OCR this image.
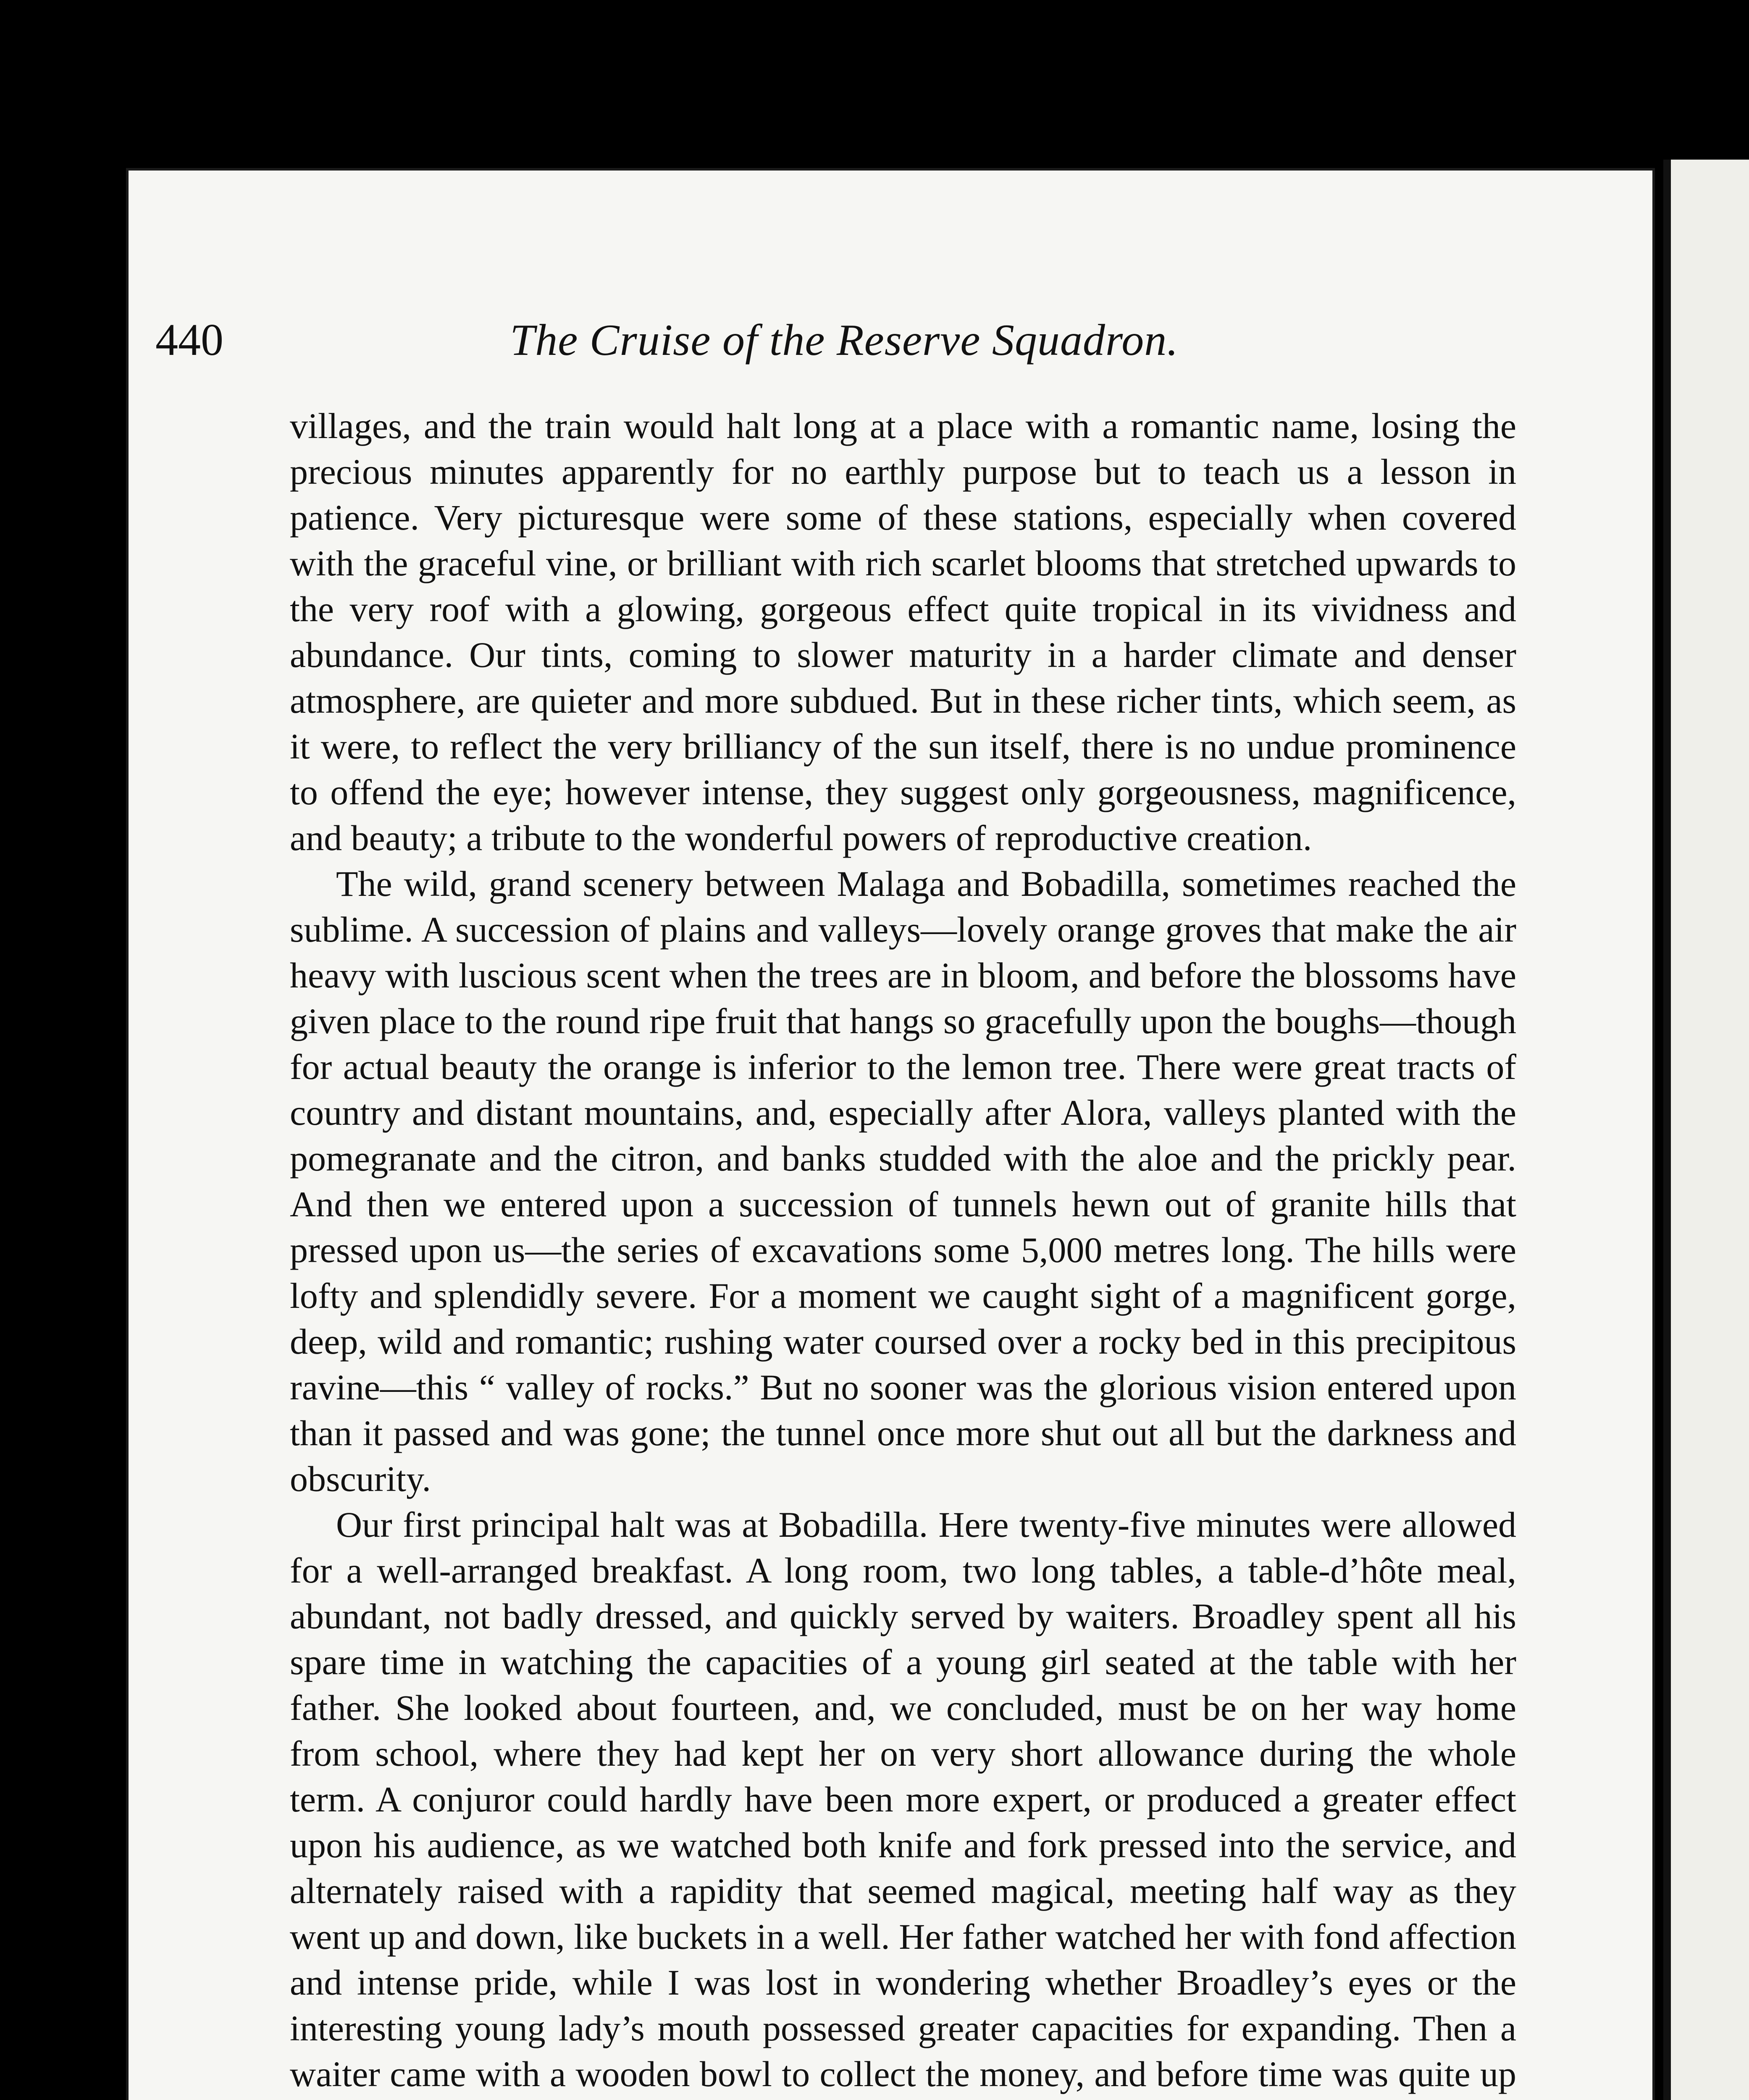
440	The Cruise of the Reserve Squadron.

villages, and the train would halt long at a place with a romantic name, losing the precious minutes apparently for no earthly purpose but to teach us a lesson in patience. Very picturesque were some of these stations, especially when covered with the graceful vine, or brilliant with rich scarlet blooms that stretched upwards to the very roof with a glowing, gorgeous effect quite tropical in its vividness and abundance. Our tints, coming to slower maturity in a harder climate and denser atmosphere, are quieter and more subdued. But in these richer tints, which seem, as it were, to reflect the very brilliancy of the sun itself, there is no undue prominence to offend the eye; however intense, they suggest only gorgeousness, magnificence, and beauty; a tribute to the wonderful powers of reproductive creation.

The wild, grand scenery between Malaga and Bobadilla, sometimes reached the sublime. A succession of plains and valleys—lovely orange groves that make the air heavy with luscious scent when the trees are in bloom, and before the blossoms have given place to the round ripe fruit that hangs so gracefully upon the boughs—though for actual beauty the orange is inferior to the lemon tree. There were great tracts of country and distant mountains, and, especially after Alora, valleys planted with the pomegranate and the citron, and banks studded with the aloe and the prickly pear. And then we entered upon a succession of tunnels hewn out of granite hills that pressed upon us—the series of excavations some 5,000 metres long. The hills were lofty and splendidly severe. For a moment we caught sight of a magnificent gorge, deep, wild and romantic; rushing water coursed over a rocky bed in this precipitous ravine—this “ valley of rocks.” But no sooner was the glorious vision entered upon than it passed and was gone; the tunnel once more shut out all but the darkness and obscurity.

Our first principal halt was at Bobadilla. Here twenty-five minutes were allowed for a well-arranged breakfast. A long room, two long tables, a table-d’hôte meal, abundant, not badly dressed, and quickly served by waiters. Broadley spent all his spare time in watching the capacities of a young girl seated at the table with her father. She looked about fourteen, and, we concluded, must be on her way home from school, where they had kept her on very short allowance during the whole term. A conjuror could hardly have been more expert, or produced a greater effect upon his audience, as we watched both knife and fork pressed into the service, and alternately raised with a rapidity that seemed magical, meeting half way as they went up and down, like buckets in a well. Her father watched her with fond affection and intense pride, while I was lost in wondering whether Broadley’s eyes or the interesting young lady’s mouth possessed greater capacities for expanding. Then a waiter came with a wooden bowl to collect the money, and before time was quite up
